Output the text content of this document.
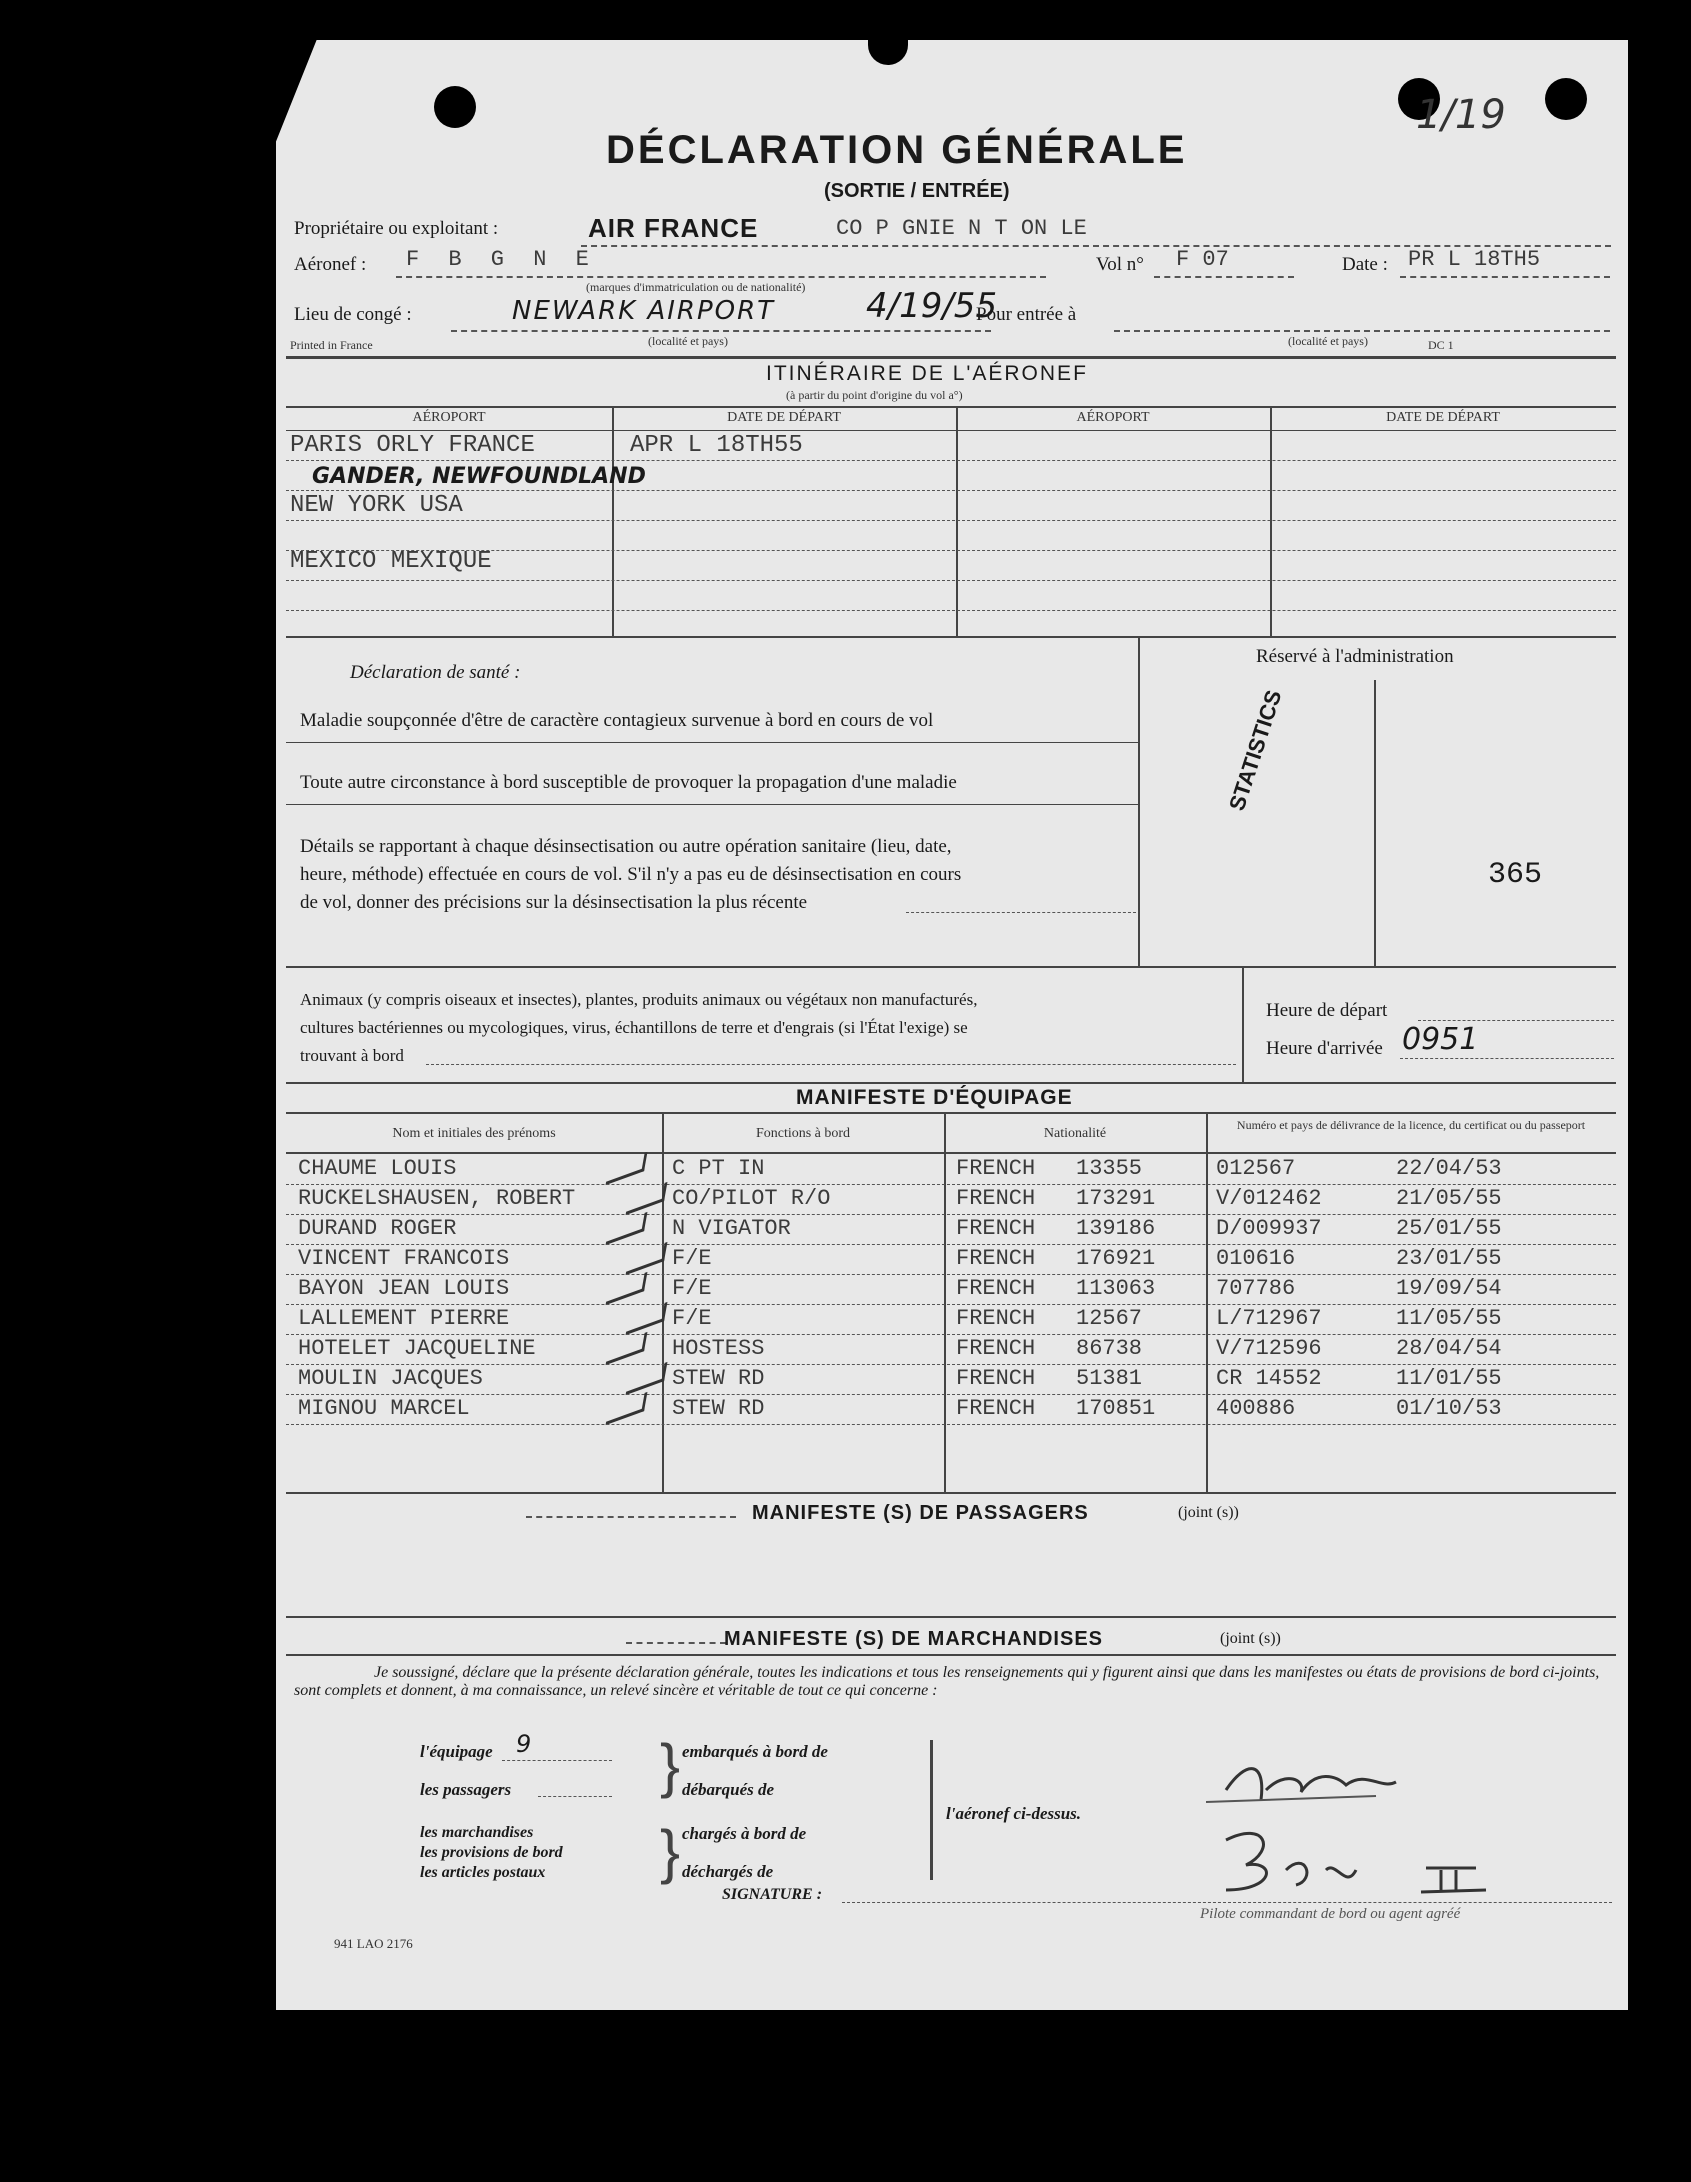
1/19
DÉCLARATION GÉNÉRALE
(SORTIE / ENTRÉE)
Propriétaire ou exploitant :	AIR FRANCE	CO P GNIE N T ON LE
Aéronef : F B G N E
(marques d'immatriculation ou de nationalité)
Vol n° F 07	Date : PR L 18TH5
Lieu de congé :	NEWARK AIRPORT	4/19/55
(localité et pays)
Pour entrée à
(localité et pays)
Printed in France	DC 1
ITINÉRAIRE DE L'AÉRONEF
(à partir du point d'origine du vol a°)
AÉROPORT	DATE DE DÉPART	AÉROPORT	DATE DE DÉPART
PARIS ORLY FRANCE	APR L 18TH55
GANDER, NEWFOUNDLAND
NEW YORK USA
MEXICO MEXIQUE
Déclaration de santé :
Maladie soupçonnée d'être de caractère contagieux survenue à bord en cours de vol
Toute autre circonstance à bord susceptible de provoquer la propagation d'une maladie
Détails se rapportant à chaque désinsectisation ou autre opération sanitaire (lieu, date,
heure, méthode) effectuée en cours de vol. S'il n'y a pas eu de désinsectisation en cours
de vol, donner des précisions sur la désinsectisation la plus récente
Réservé à l'administration
STATISTICS
365
Animaux (y compris oiseaux et insectes), plantes, produits animaux ou végétaux non manufacturés,
cultures bactériennes ou mycologiques, virus, échantillons de terre et d'engrais (si l'État l'exige) se
trouvant à bord
Heure de départ
Heure d'arrivée 0951
MANIFESTE D'ÉQUIPAGE
Nom et initiales des prénoms	Fonctions à bord	Nationalité
Numéro et pays de délivrance de la licence, du certificat ou du passeport
CHAUME LOUIS	C PT IN	FRENCH 13355	012567	22/04/53
RUCKELSHAUSEN, ROBERT	CO/PILOT R/O	FRENCH 173291	V/012462	21/05/55
DURAND ROGER	N VIGATOR	FRENCH 139186	D/009937	25/01/55
VINCENT FRANCOIS	F/E	FRENCH 176921	010616	23/01/55
BAYON JEAN LOUIS	F/E	FRENCH 113063	707786	19/09/54
LALLEMENT PIERRE	F/E	FRENCH 12567	L/712967	11/05/55
HOTELET JACQUELINE	HOSTESS	FRENCH 86738	V/712596	28/04/54
MOULIN JACQUES	STEW RD	FRENCH 51381	CR 14552	11/01/55
MIGNOU MARCEL	STEW RD	FRENCH 170851	400886	01/10/53
MANIFESTE (S) DE PASSAGERS	(joint (s))
MANIFESTE (S) DE MARCHANDISES	(joint (s))
Je soussigné, déclare que la présente déclaration générale, toutes les indications et tous les renseignements qui y figurent ainsi que dans les manifestes ou états de provisions de bord ci-joints, sont complets et donnent, à ma connaissance, un relevé sincère et véritable de tout ce qui concerne :
l'équipage 9
les passagers
les marchandises
les provisions de bord
les articles postaux
}
}
embarqués à bord de
débarqués de
chargés à bord de
déchargés de
l'aéronef ci-dessus.
SIGNATURE :
Pilote commandant de bord ou agent agréé
941 LAO 2176
